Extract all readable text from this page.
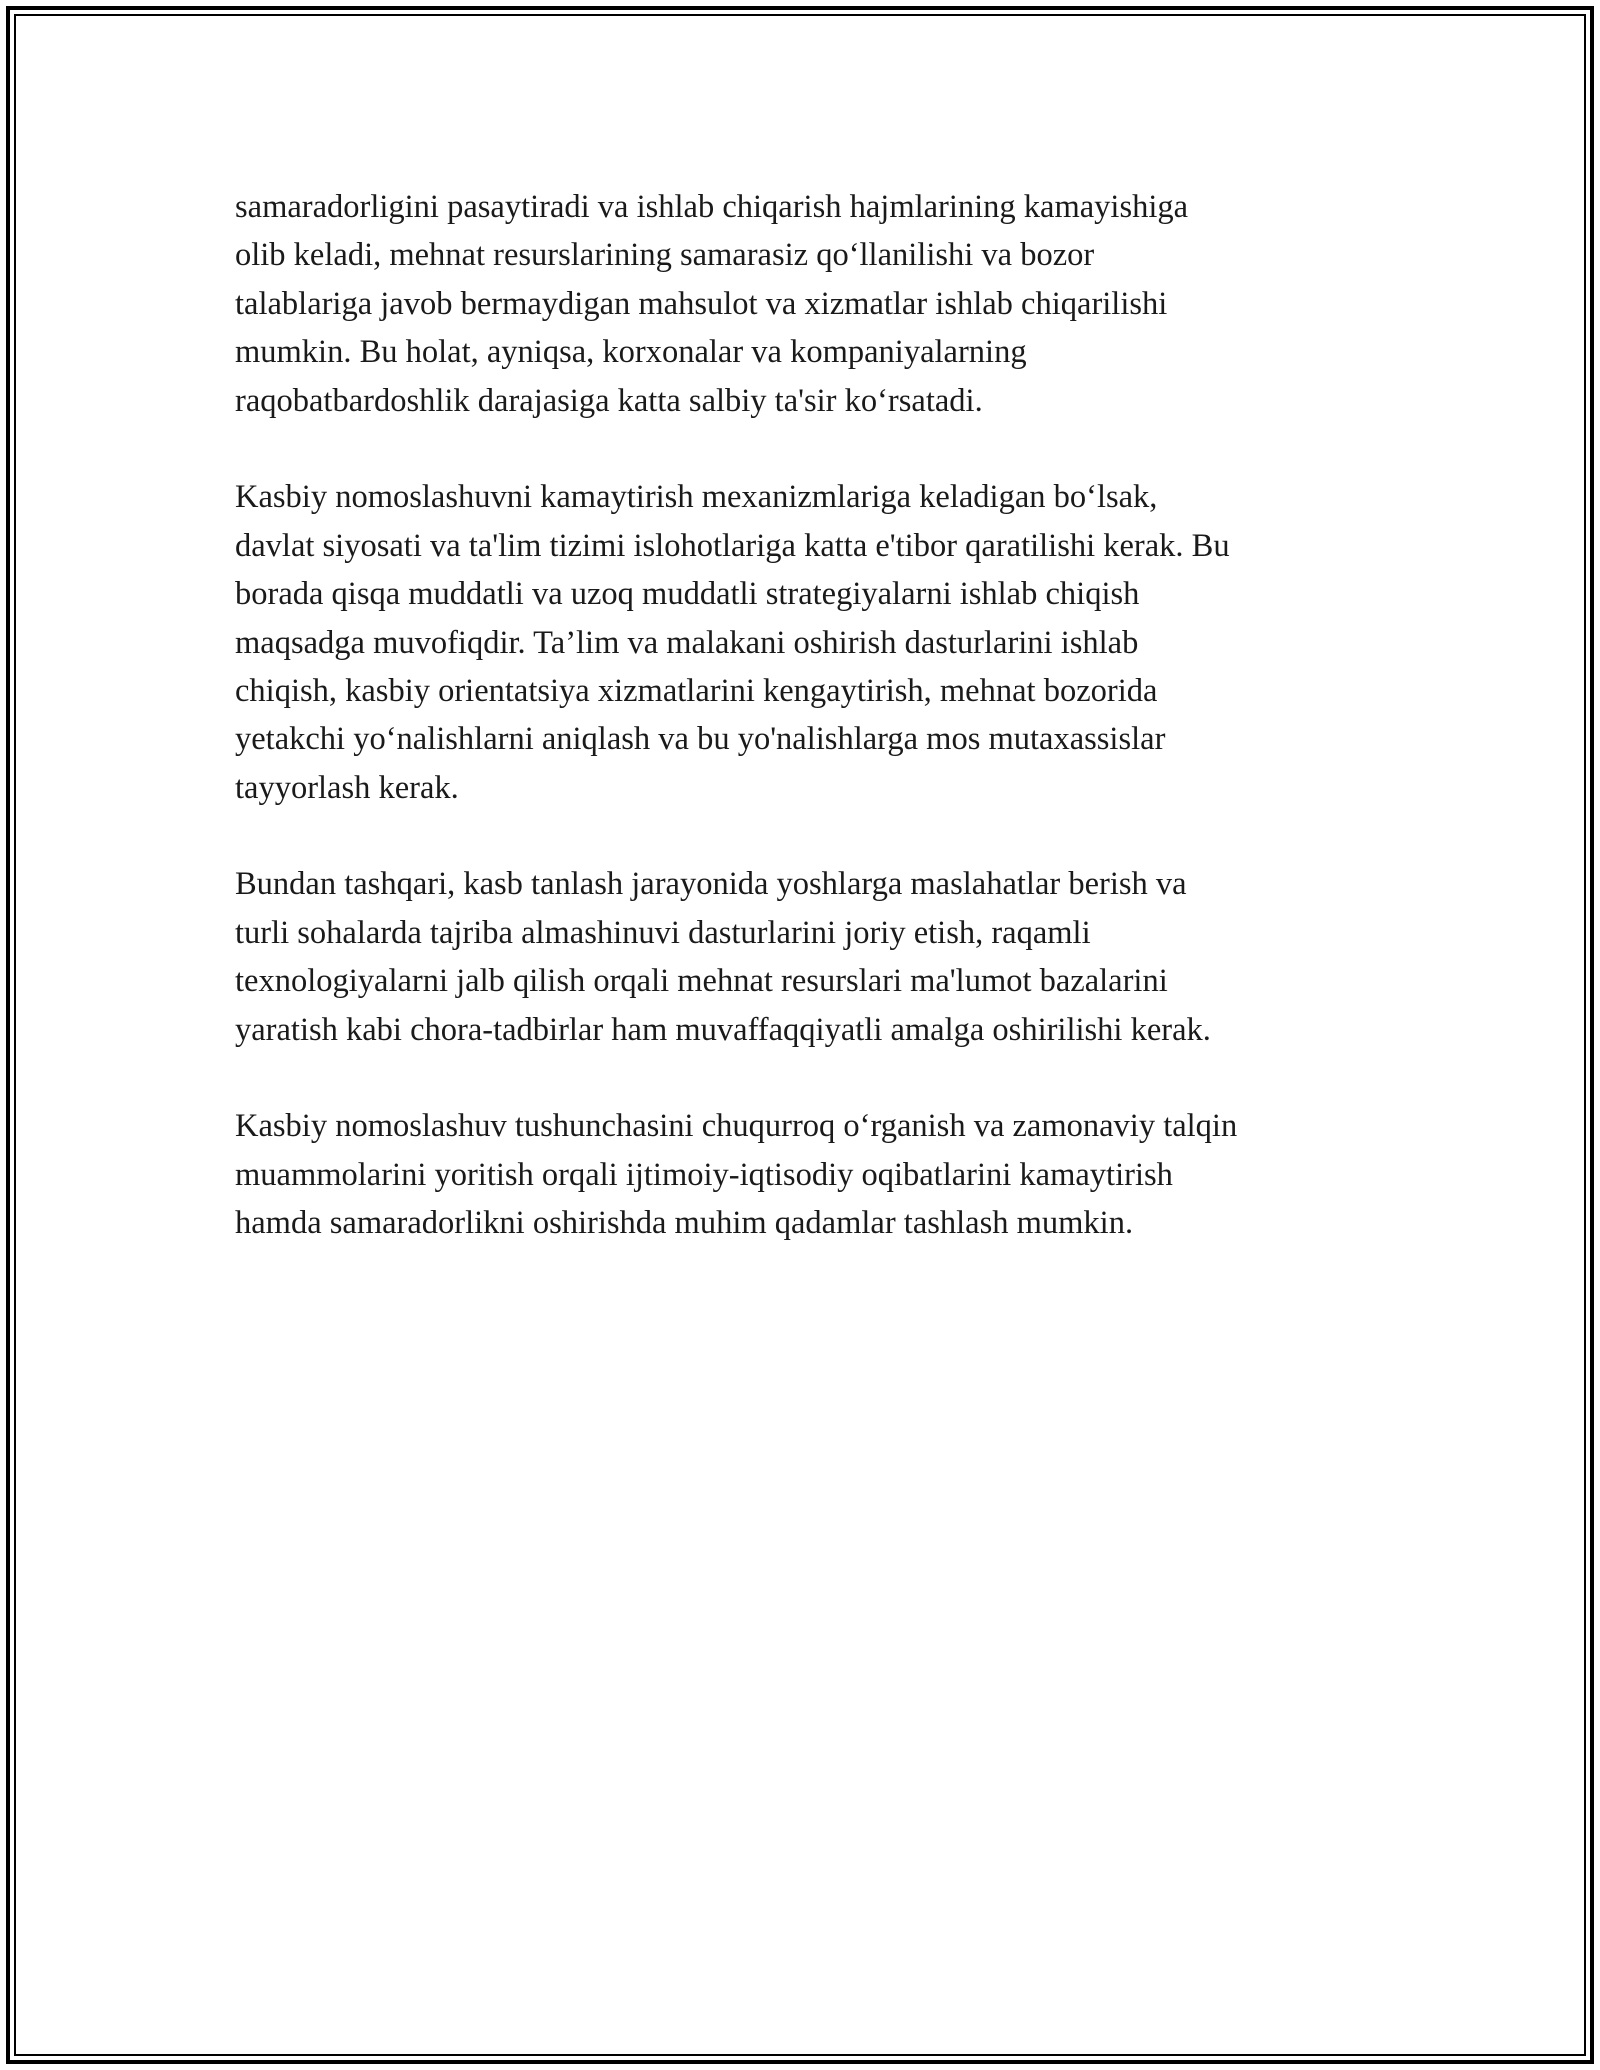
samaradorligini pasaytiradi va ishlab chiqarish hajmlarining kamayishiga
olib keladi, mehnat resurslarining samarasiz qo‘llanilishi va bozor
talablariga javob bermaydigan mahsulot va xizmatlar ishlab chiqarilishi
mumkin. Bu holat, ayniqsa, korxonalar va kompaniyalarning
raqobatbardoshlik darajasiga katta salbiy ta'sir ko‘rsatadi.
Kasbiy nomoslashuvni kamaytirish mexanizmlariga keladigan bo‘lsak,
davlat siyosati va ta'lim tizimi islohotlariga katta e'tibor qaratilishi kerak. Bu
borada qisqa muddatli va uzoq muddatli strategiyalarni ishlab chiqish
maqsadga muvofiqdir. Ta’lim va malakani oshirish dasturlarini ishlab
chiqish, kasbiy orientatsiya xizmatlarini kengaytirish, mehnat bozorida
yetakchi yo‘nalishlarni aniqlash va bu yo'nalishlarga mos mutaxassislar
tayyorlash kerak.
Bundan tashqari, kasb tanlash jarayonida yoshlarga maslahatlar berish va
turli sohalarda tajriba almashinuvi dasturlarini joriy etish, raqamli
texnologiyalarni jalb qilish orqali mehnat resurslari ma'lumot bazalarini
yaratish kabi chora-tadbirlar ham muvaffaqqiyatli amalga oshirilishi kerak.
Kasbiy nomoslashuv tushunchasini chuqurroq o‘rganish va zamonaviy talqin
muammolarini yoritish orqali ijtimoiy-iqtisodiy oqibatlarini kamaytirish
hamda samaradorlikni oshirishda muhim qadamlar tashlash mumkin.
